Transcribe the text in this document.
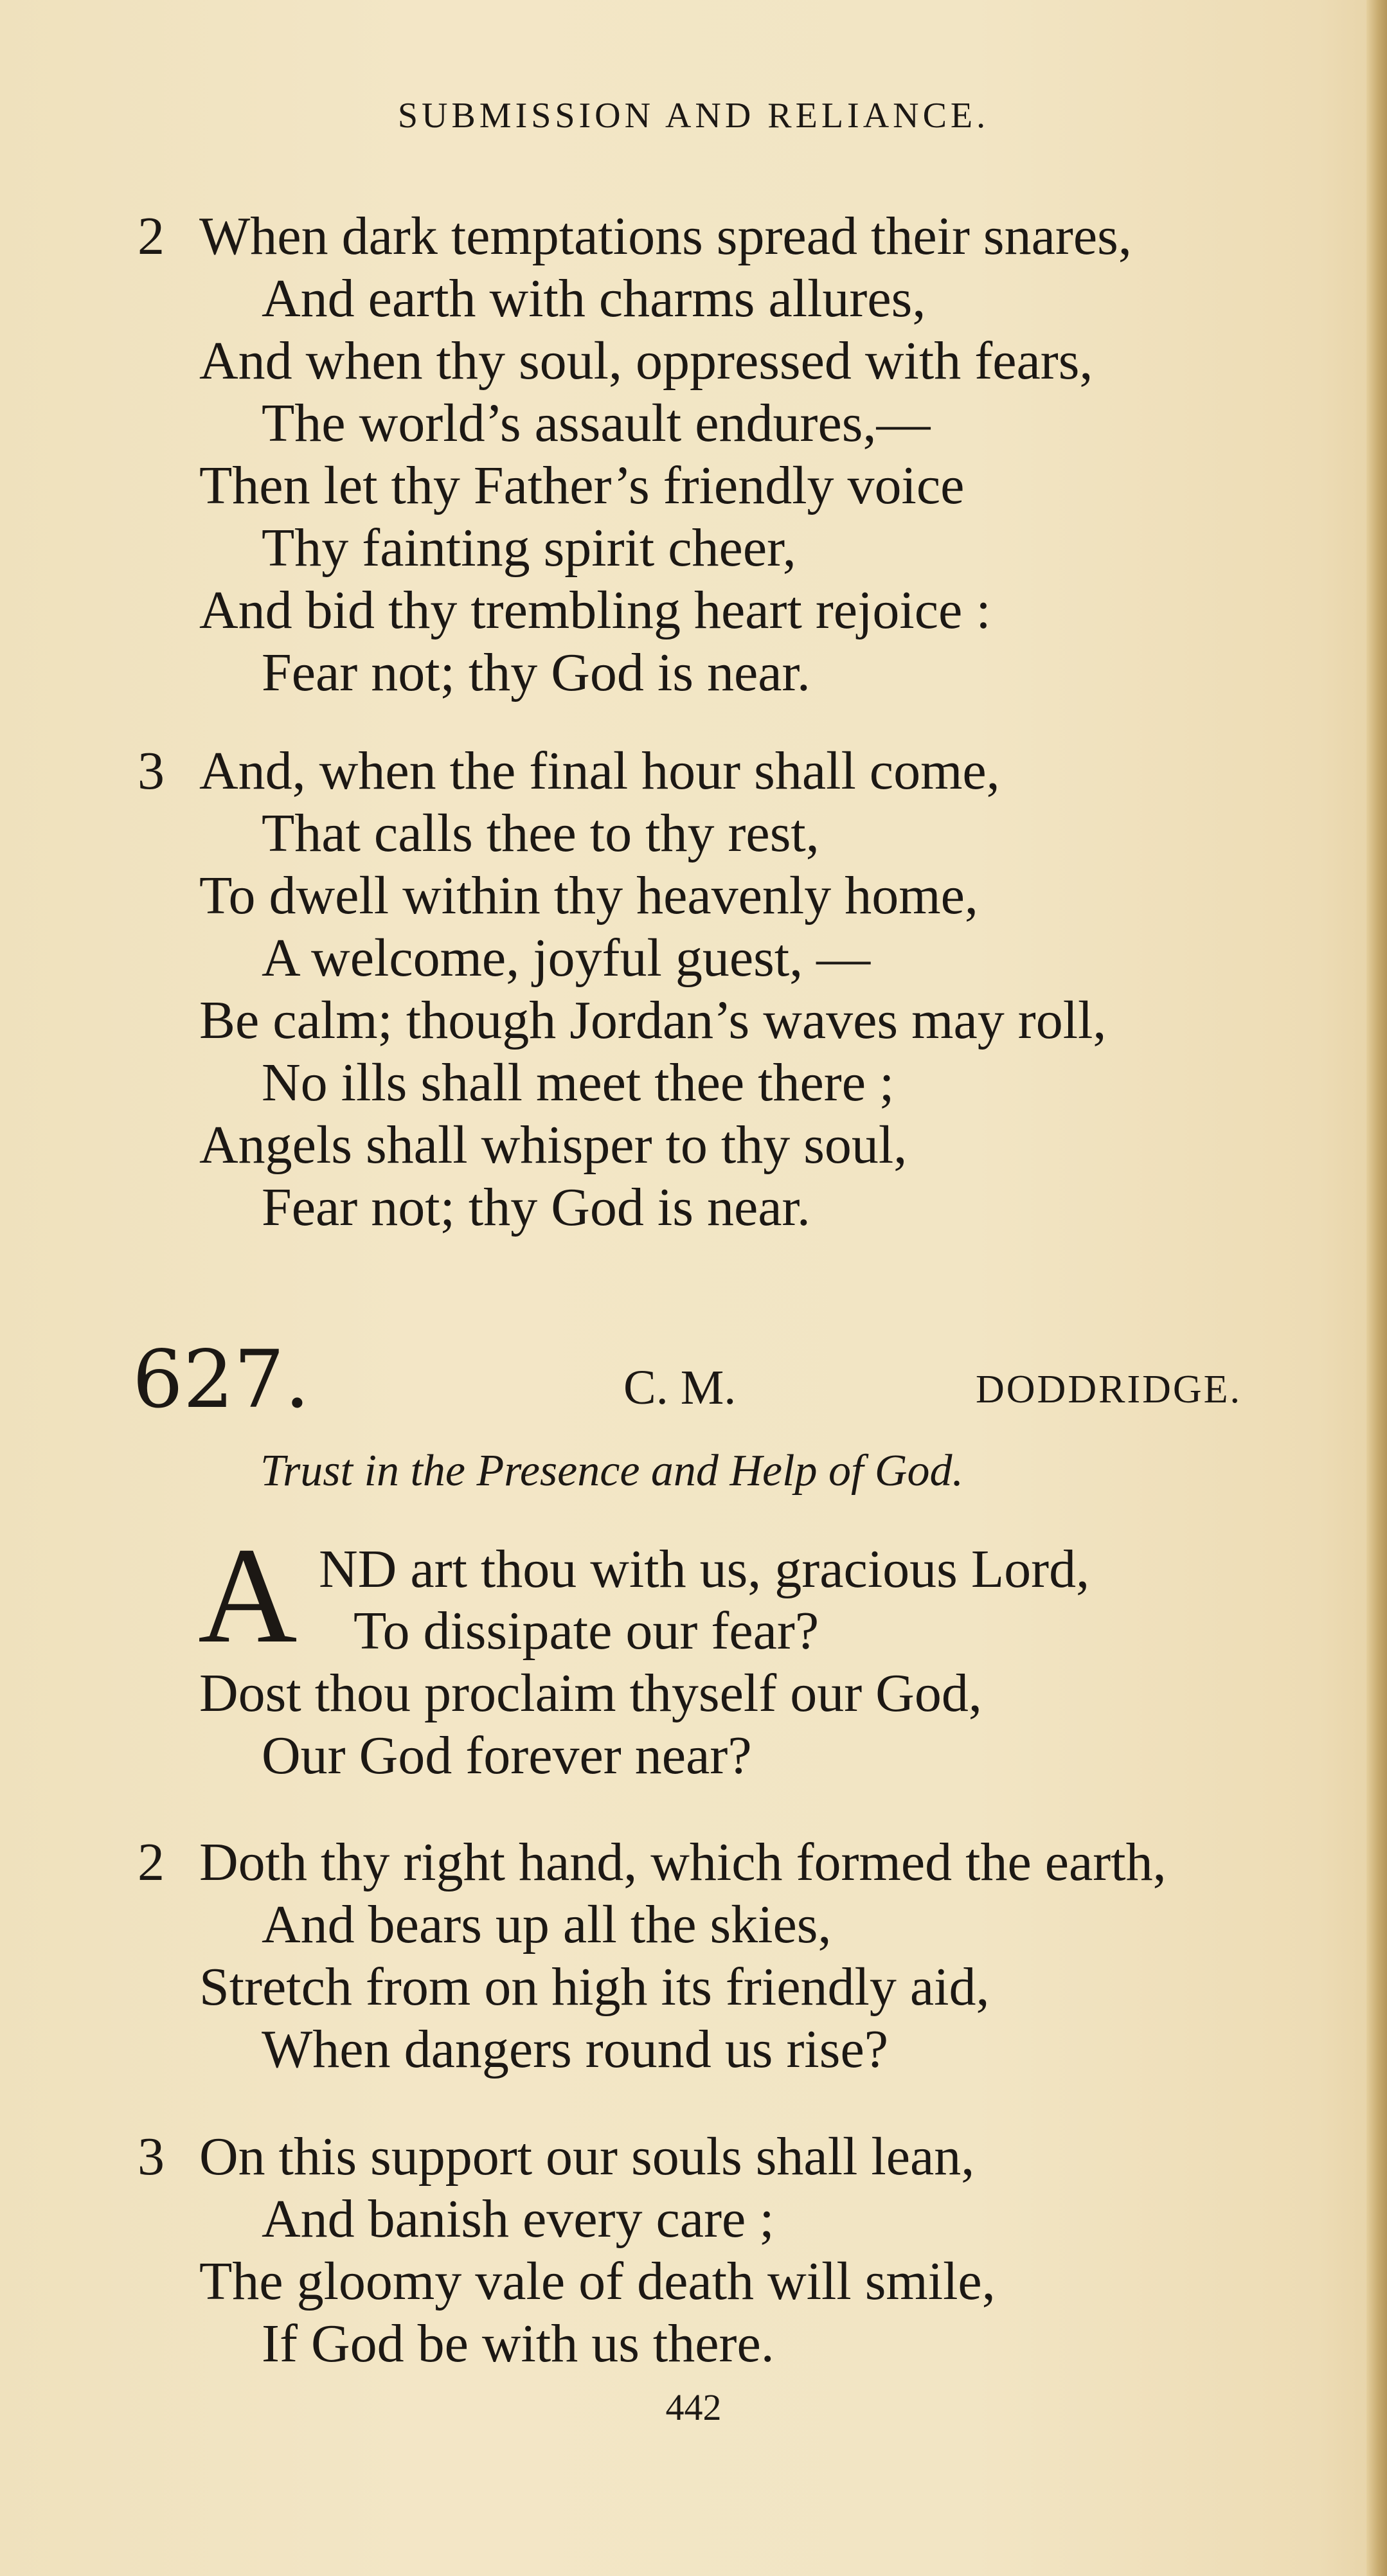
SUBMISSION AND RELIANCE.
2 When dark temptations spread their snares,
And earth with charms allures,
And when thy soul, oppressed with fears,
The world’s assault endures,—
Then let thy Father’s friendly voice
Thy fainting spirit cheer,
And bid thy trembling heart rejoice :
Fear not; thy God is near.
3 And, when the final hour shall come,
That calls thee to thy rest,
To dwell within thy heavenly home,
A welcome, joyful guest, —
Be calm; though Jordan’s waves may roll,
No ills shall meet thee there ;
Angels shall whisper to thy soul,
Fear not; thy God is near.
627.	C. M.	DODDRIDGE.
Trust in the Presence and Help of God.
A ND art thou with us, gracious Lord,
To dissipate our fear?
Dost thou proclaim thyself our God,
Our God forever near?
2 Doth thy right hand, which formed the earth,
And bears up all the skies,
Stretch from on high its friendly aid,
When dangers round us rise?
3 On this support our souls shall lean,
And banish every care ;
The gloomy vale of death will smile,
If God be with us there.
442
